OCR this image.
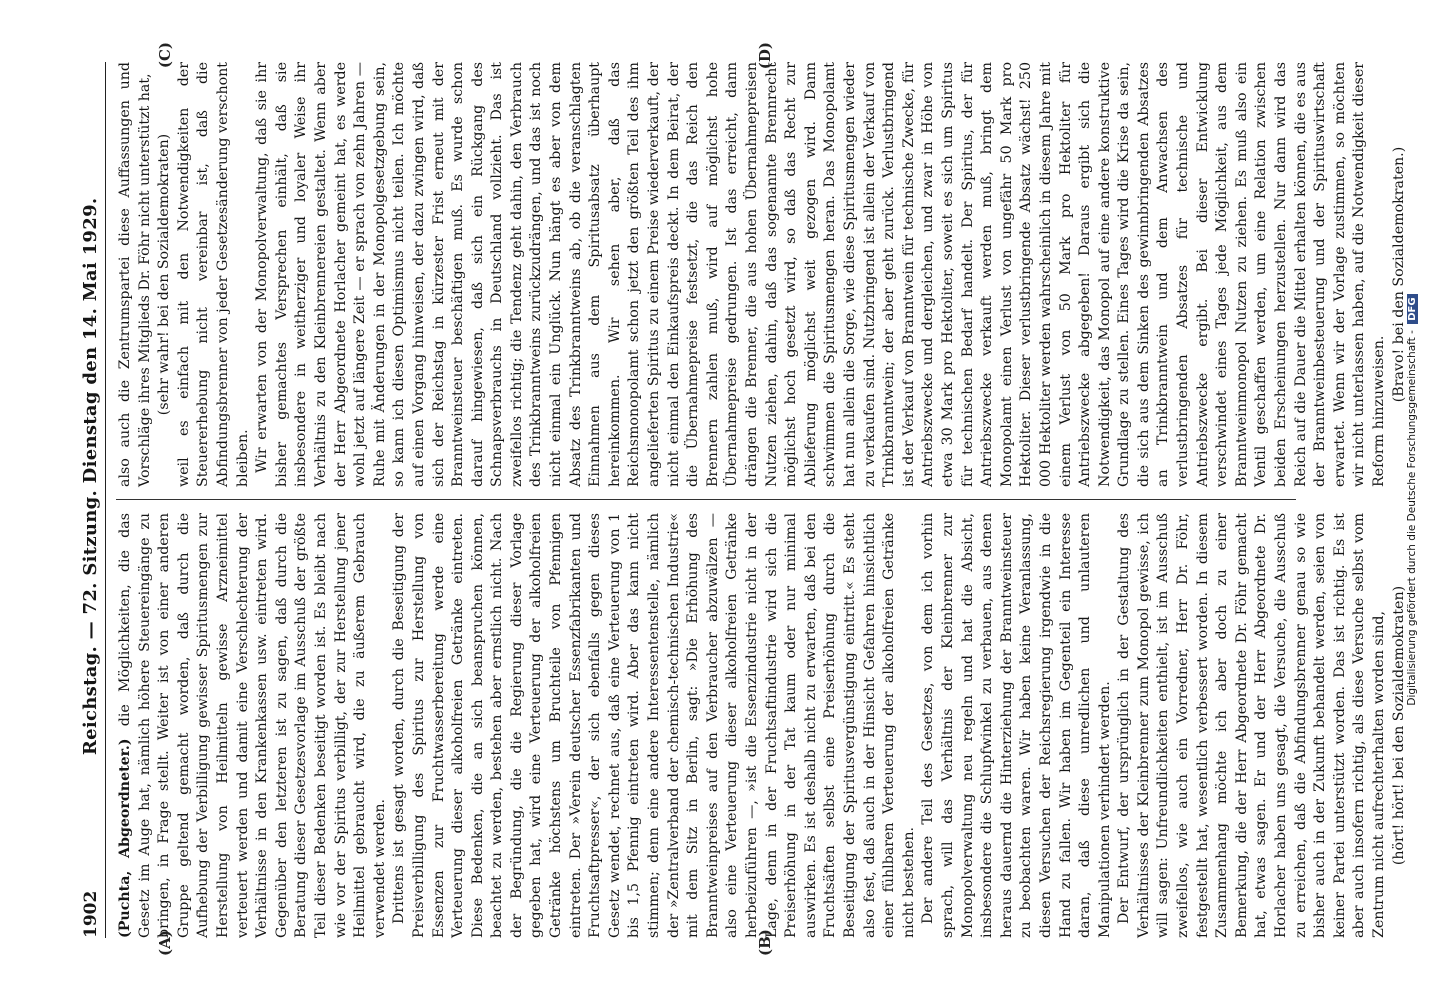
1902
Reichstag. — 72. Sitzung. Dienstag den 14. Mai 1929.
(A)	(B)
(C)	(D)

(Puchta, Abgeordneter.) die Möglichkeiten, die das Gesetz im Auge hat, nämlich höhere Steuereingänge zu bringen, in Frage stellt. Weiter ist von einer anderen Gruppe geltend gemacht worden, daß durch die Aufhebung der Verbilligung gewisser Spiritusmengen zur Herstellung von Heilmitteln gewisse Arzneimittel verteuert werden und damit eine Verschlechterung der Verhältnisse in den Krankenkassen usw. eintreten wird. Gegenüber den letzteren ist zu sagen, daß durch die Beratung dieser Gesetzesvorlage im Ausschuß der größte Teil dieser Bedenken beseitigt worden ist. Es bleibt nach wie vor der Spiritus verbilligt, der zur Herstellung jener Heilmittel gebraucht wird, die zu äußerem Gebrauch verwendet werden. Drittens ist gesagt worden, durch die Beseitigung der Preisverbilligung des Spiritus zur Herstellung von Essenzen zur Fruchtwasserbereitung werde eine Verteuerung dieser alkoholfreien Getränke eintreten. Diese Bedenken, die an sich beanspruchen können, beachtet zu werden, bestehen aber ernstlich nicht. Nach der Begründung, die die Regierung dieser Vorlage gegeben hat, wird eine Verteuerung der alkoholfreien Getränke höchstens um Bruchteile von Pfennigen eintreten. Der »Verein deutscher Essenzfabrikanten und Fruchtsaftpresser«, der sich ebenfalls gegen dieses Gesetz wendet, rechnet aus, daß eine Verteuerung von 1 bis 1,5 Pfennig eintreten wird. Aber das kann nicht stimmen; denn eine andere Interessentenstelle, nämlich der »Zentralverband der chemisch-technischen Industrie« mit dem Sitz in Berlin, sagt: »Die Erhöhung des Branntweinpreises auf den Verbraucher abzuwälzen — also eine Verteuerung dieser alkoholfreien Getränke herbeizuführen —, »ist die Essenzindustrie nicht in der Lage, denn in der Fruchtsaftindustrie wird sich die Preiserhöhung in der Tat kaum oder nur minimal auswirken. Es ist deshalb nicht zu erwarten, daß bei den Fruchtsäften selbst eine Preiserhöhung durch die Beseitigung der Spiritusvergünstigung eintritt.« Es steht also fest, daß auch in der Hinsicht Gefahren hinsichtlich einer fühlbaren Verteuerung der alkoholfreien Getränke nicht bestehen. Der andere Teil des Gesetzes, von dem ich vorhin sprach, will das Verhältnis der Kleinbrenner zur Monopolverwaltung neu regeln und hat die Absicht, insbesondere die Schlupfwinkel zu verbauen, aus denen heraus dauernd die Hinterziehung der Branntweinsteuer zu beobachten waren. Wir haben keine Veranlassung, diesen Versuchen der Reichsregierung irgendwie in die Hand zu fallen. Wir haben im Gegenteil ein Interesse daran, daß diese unredlichen und unlauteren Manipulationen verhindert werden. Der Entwurf, der ursprünglich in der Gestaltung des Verhältnisses der Kleinbrenner zum Monopol gewisse, ich will sagen: Unfreundlichkeiten enthielt, ist im Ausschuß zweifellos, wie auch ein Vorredner, Herr Dr. Föhr, festgestellt hat, wesentlich verbessert worden. In diesem Zusammenhang möchte ich aber doch zu einer Bemerkung, die der Herr Abgeordnete Dr. Föhr gemacht hat, etwas sagen. Er und der Herr Abgeordnete Dr. Horlacher haben uns gesagt, die Versuche, die Ausschuß zu erreichen, daß die Abfindungsbrenner genau so wie bisher auch in der Zukunft behandelt werden, seien von keiner Partei unterstützt worden. Das ist richtig. Es ist aber auch insofern richtig, als diese Versuche selbst vom Zentrum nicht aufrechterhalten worden sind, (hört! hört! bei den Sozialdemokraten)

also auch die Zentrumspartei diese Auffassungen und Vorschläge ihres Mitglieds Dr. Föhr nicht unterstützt hat, (sehr wahr! bei den Sozialdemokraten) weil es einfach mit den Notwendigkeiten der Steuererhebung nicht vereinbar ist, daß die Abfindungsbrenner von jeder Gesetzesänderung verschont bleiben. Wir erwarten von der Monopolverwaltung, daß sie ihr bisher gemachtes Versprechen einhält, daß sie insbesondere in weitherziger und loyaler Weise ihr Verhältnis zu den Kleinbrennereien gestaltet. Wenn aber der Herr Abgeordnete Horlacher gemeint hat, es werde wohl jetzt auf längere Zeit — er sprach von zehn Jahren — Ruhe mit Änderungen in der Monopolgesetzgebung sein, so kann ich diesen Optimismus nicht teilen. Ich möchte auf einen Vorgang hinweisen, der dazu zwingen wird, daß sich der Reichstag in kürzester Frist erneut mit der Branntweinsteuer beschäftigen muß. Es wurde schon darauf hingewiesen, daß sich ein Rückgang des Schnapsverbrauchs in Deutschland vollzieht. Das ist zweifellos richtig; die Tendenz geht dahin, den Verbrauch des Trinkbranntweins zurückzudrängen, und das ist noch nicht einmal ein Unglück. Nun hängt es aber von dem Absatz des Trinkbranntweins ab, ob die veranschlagten Einnahmen aus dem Spiritusabsatz überhaupt hereinkommen. Wir sehen aber, daß das Reichsmonopolamt schon jetzt den größten Teil des ihm angelieferten Spiritus zu einem Preise wiederverkauft, der nicht einmal den Einkaufspreis deckt. In dem Beirat, der die Übernahmepreise festsetzt, die das Reich den Brennern zahlen muß, wird auf möglichst hohe Übernahmepreise gedrungen. Ist das erreicht, dann drängen die Brenner, die aus hohen Übernahmepreisen Nutzen ziehen, dahin, daß das sogenannte Brennrecht möglichst hoch gesetzt wird, so daß das Recht zur Ablieferung möglichst weit gezogen wird. Dann schwimmen die Spiritusmengen heran. Das Monopolamt hat nun allein die Sorge, wie diese Spiritusmengen wieder zu verkaufen sind. Nutzbringend ist allein der Verkauf von Trinkbranntwein; der aber geht zurück. Verlustbringend ist der Verkauf von Branntwein für technische Zwecke, für Antriebszwecke und dergleichen, und zwar in Höhe von etwa 30 Mark pro Hektoliter, soweit es sich um Spiritus für technischen Bedarf handelt. Der Spiritus, der für Antriebszwecke verkauft werden muß, bringt dem Monopolamt einen Verlust von ungefähr 50 Mark pro Hektoliter. Dieser verlustbringende Absatz wächst! 250 000 Hektoliter werden wahrscheinlich in diesem Jahre mit einem Verlust von 50 Mark pro Hektoliter für Antriebszwecke abgegeben! Daraus ergibt sich die Notwendigkeit, das Monopol auf eine andere konstruktive Grundlage zu stellen. Eines Tages wird die Krise da sein, die sich aus dem Sinken des gewinnbringenden Absatzes an Trinkbranntwein und dem Anwachsen des verlustbringenden Absatzes für technische und Antriebszwecke ergibt. Bei dieser Entwicklung verschwindet eines Tages jede Möglichkeit, aus dem Branntweinmonopol Nutzen zu ziehen. Es muß also ein Ventil geschaffen werden, um eine Relation zwischen beiden Erscheinungen herzustellen. Nur dann wird das Reich auf die Dauer die Mittel erhalten können, die es aus der Branntweinbesteuerung und der Spirituswirtschaft erwartet. Wenn wir der Vorlage zustimmen, so möchten wir nicht unterlassen haben, auf die Notwendigkeit dieser Reform hinzuweisen.

(Bravo! bei den Sozialdemokraten.)

Digitalisierung gefördert durch die Deutsche Forschungsgemeinschaft - DFG
